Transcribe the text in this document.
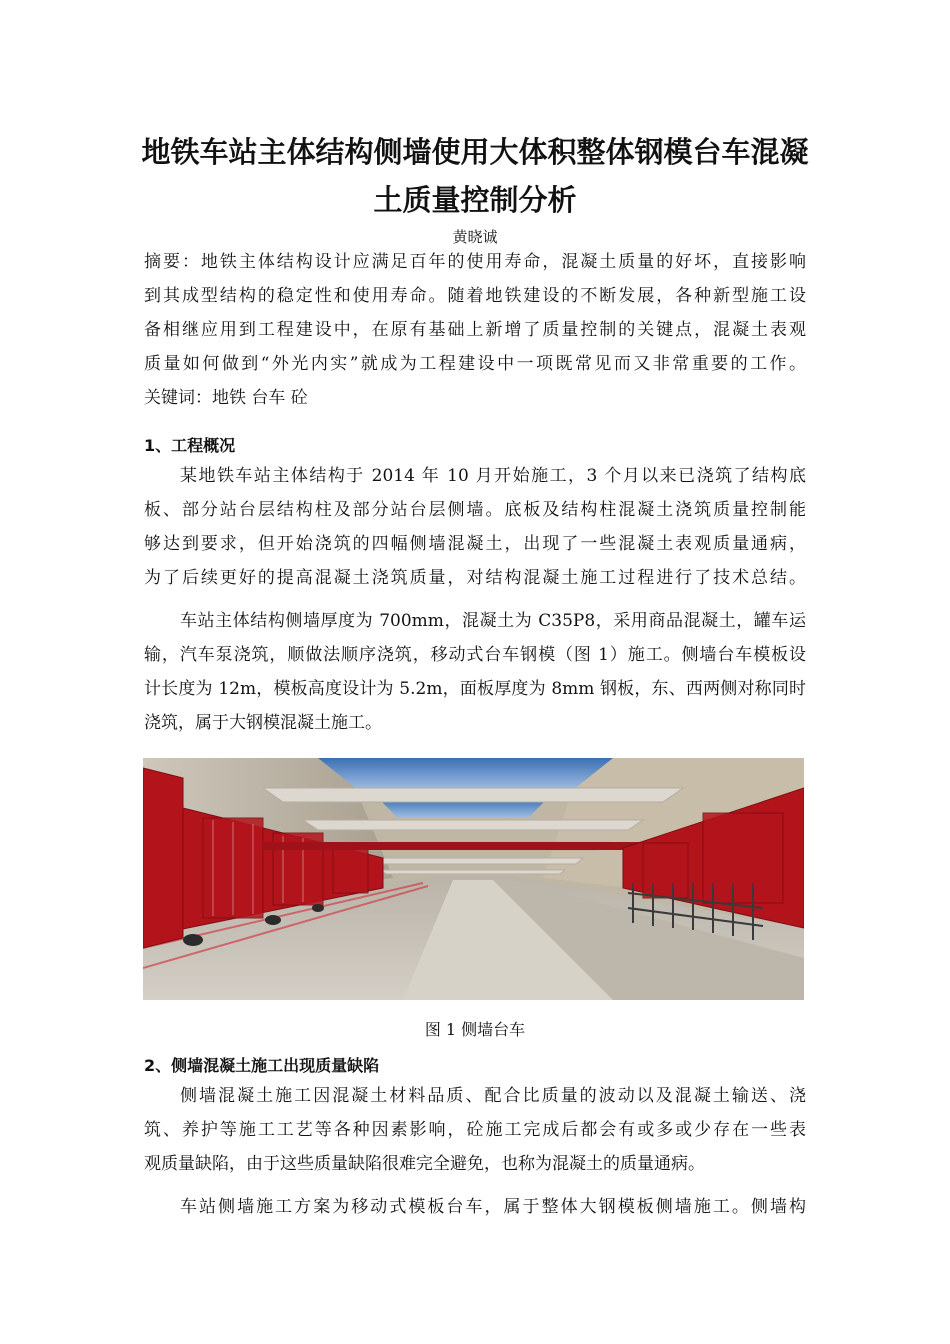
地铁车站主体结构侧墙使用大体积整体钢模台车混凝
土质量控制分析
黄晓诚
摘要：地铁主体结构设计应满足百年的使用寿命，混凝土质量的好坏，直接影响
到其成型结构的稳定性和使用寿命。随着地铁建设的不断发展，各种新型施工设
备相继应用到工程建设中，在原有基础上新增了质量控制的关键点，混凝土表观
质量如何做到“外光内实”就成为工程建设中一项既常见而又非常重要的工作。
关键词：地铁 台车 砼
1、工程概况
某地铁车站主体结构于 2014 年 10 月开始施工，3 个月以来已浇筑了结构底
板、部分站台层结构柱及部分站台层侧墙。底板及结构柱混凝土浇筑质量控制能
够达到要求，但开始浇筑的四幅侧墙混凝土，出现了一些混凝土表观质量通病，
为了后续更好的提高混凝土浇筑质量，对结构混凝土施工过程进行了技术总结。
车站主体结构侧墙厚度为 700mm，混凝土为 C35P8，采用商品混凝土，罐车运
输，汽车泵浇筑，顺做法顺序浇筑，移动式台车钢模（图 1）施工。侧墙台车模板设
计长度为 12m，模板高度设计为 5.2m，面板厚度为 8mm 钢板，东、西两侧对称同时
浇筑，属于大钢模混凝土施工。
图 1 侧墙台车
2、侧墙混凝土施工出现质量缺陷
侧墙混凝土施工因混凝土材料品质、配合比质量的波动以及混凝土输送、浇
筑、养护等施工工艺等各种因素影响，砼施工完成后都会有或多或少存在一些表
观质量缺陷，由于这些质量缺陷很难完全避免，也称为混凝土的质量通病。
车站侧墙施工方案为移动式模板台车，属于整体大钢模板侧墙施工。侧墙构
